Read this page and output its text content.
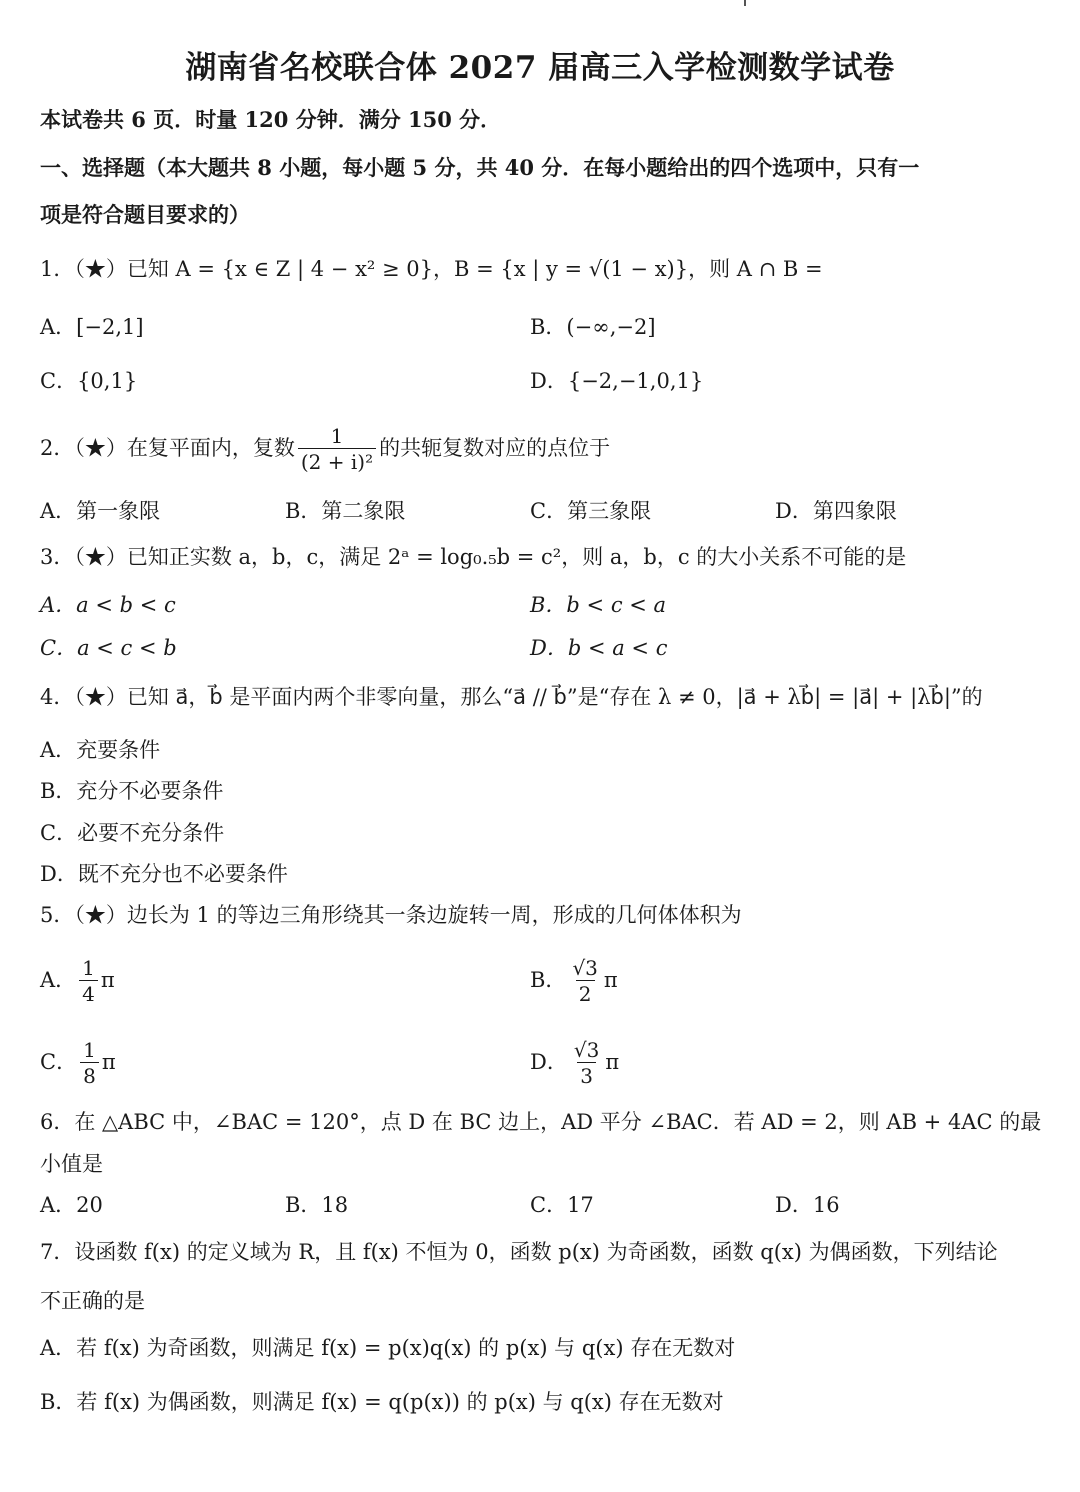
湖南省名校联合体 2027 届高三入学检测数学试卷
本试卷共 6 页．时量 120 分钟．满分 150 分．
一、选择题（本大题共 8 小题，每小题 5 分，共 40 分．在每小题给出的四个选项中，只有一
项是符合题目要求的）
1．（★）已知 A = {x ∈ Z | 4 − x² ≥ 0}，B = {x | y = √(1 − x)}，则 A ∩ B =
A．[−2,1]	B．(−∞,−2]
C．{0,1}	D．{−2,−1,0,1}
2．（★）在复平面内，复数 $\frac{1}{\text{(2 + i)²}}$ 的共轭复数对应的点位于
A．第一象限	B．第二象限	C．第三象限	D．第四象限
3．（★）已知正实数 a，b，c，满足 2ᵃ = log₀.₅b = c²，则 a，b，c 的大小关系不可能的是
A．a < b < c	B．b < c < a
C．a < c < b	D．b < a < c
4．（★）已知 a⃗，b⃗ 是平面内两个非零向量，那么“a⃗ // b⃗”是“存在 λ ≠ 0，|a⃗ + λb⃗| = |a⃗| + |λb⃗|”的
A．充要条件
B．充分不必要条件
C．必要不充分条件
D．既不充分也不必要条件
5．（★）边长为 1 的等边三角形绕其一条边旋转一周，形成的几何体体积为
A． $\frac{1}{4}$ π	B． $\frac{√3}{2}$ π
C． $\frac{1}{8}$ π	D． $\frac{√3}{3}$ π
6．在 △ABC 中，∠BAC = 120°，点 D 在 BC 边上，AD 平分 ∠BAC．若 AD = 2，则 AB + 4AC 的最
小值是
A．20	B．18	C．17	D．16
7．设函数 f(x) 的定义域为 R，且 f(x) 不恒为 0，函数 p(x) 为奇函数，函数 q(x) 为偶函数，下列结论
不正确的是
A．若 f(x) 为奇函数，则满足 f(x) = p(x)q(x) 的 p(x) 与 q(x) 存在无数对
B．若 f(x) 为偶函数，则满足 f(x) = q(p(x)) 的 p(x) 与 q(x) 存在无数对
